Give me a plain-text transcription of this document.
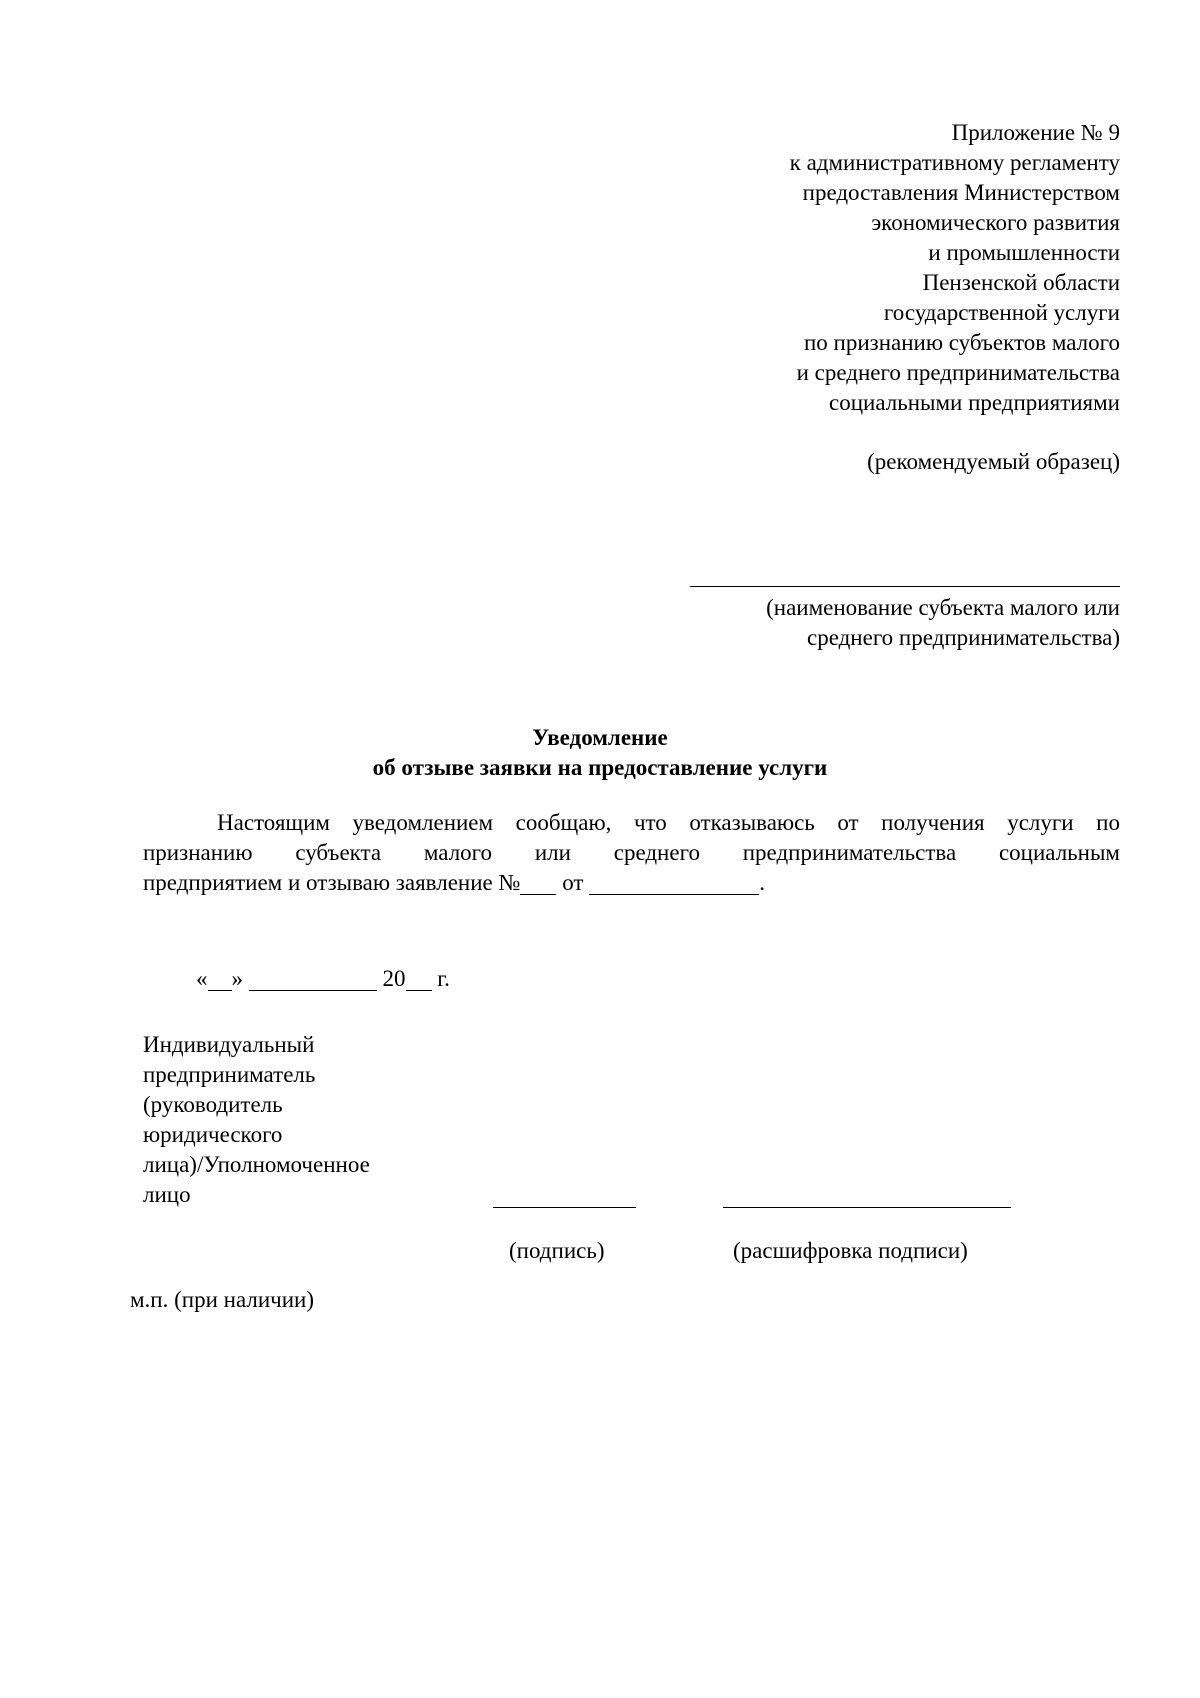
Приложение № 9
к административному регламенту
предоставления Министерством
экономического развития
и промышленности
Пензенской области
государственной услуги
по признанию субъектов малого
и среднего предпринимательства
социальными предприятиями
(рекомендуемый образец)
(наименование субъекта малого или
среднего предпринимательства)
Уведомление
об отзыве заявки на предоставление услуги
Настоящим уведомлением сообщаю, что отказываюсь от получения услуги по
признанию субъекта малого или среднего предпринимательства социальным
предприятием и отзываю заявление №  от	.
« »	20  г.
Индивидуальный
предприниматель
(руководитель
юридического
лица)/Уполномоченное
лицо
(подпись)	(расшифровка подписи)
м.п. (при наличии)
